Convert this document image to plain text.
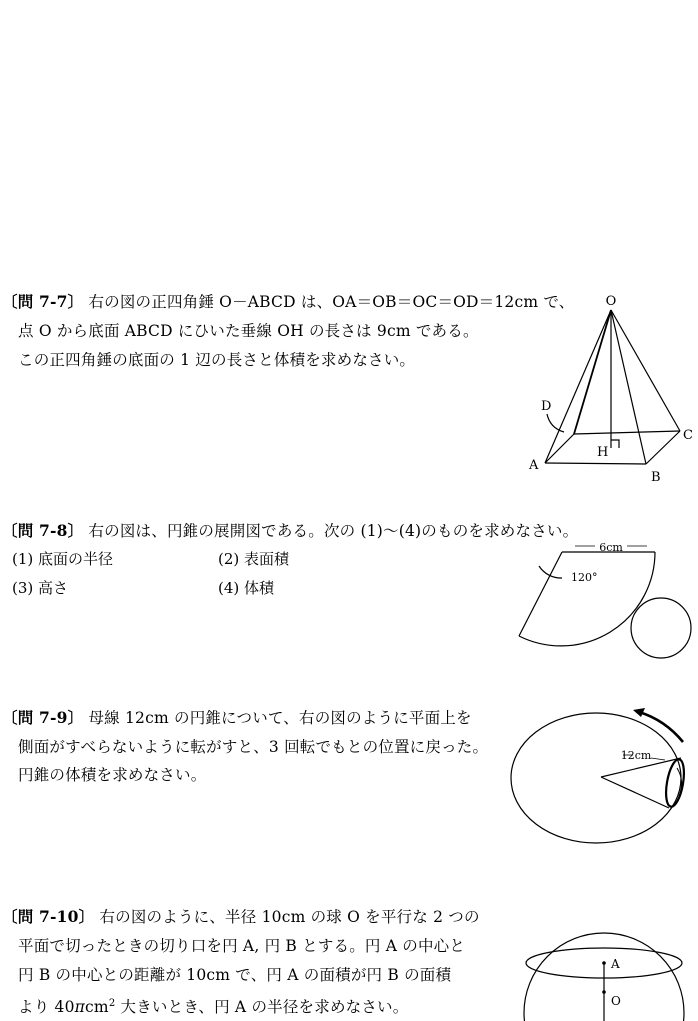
〔問 7-7〕 右の図の正四角錘 O－ABCD は、OA＝OB＝OC＝OD＝12cm で、
点 O から底面 ABCD にひいた垂線 OH の長さは 9cm である。
この正四角錘の底面の 1 辺の長さと体積を求めなさい。
O
D
C
H
A
B
〔問 7-8〕 右の図は、円錐の展開図である。次の (1)～(4)のものを求めなさい。
(1) 底面の半径	(2) 表面積
(3) 高さ	(4) 体積
6cm
120°
〔問 7-9〕 母線 12cm の円錐について、右の図のように平面上を
側面がすべらないように転がすと、3 回転でもとの位置に戻った。
円錐の体積を求めなさい。
12cm
〔問 7-10〕 右の図のように、半径 10cm の球 O を平行な 2 つの
平面で切ったときの切り口を円 A, 円 B とする。円 A の中心と
円 B の中心との距離が 10cm で、円 A の面積が円 B の面積
より 40πcm$^2$ 大きいとき、円 A の半径を求めなさい。
A
O
